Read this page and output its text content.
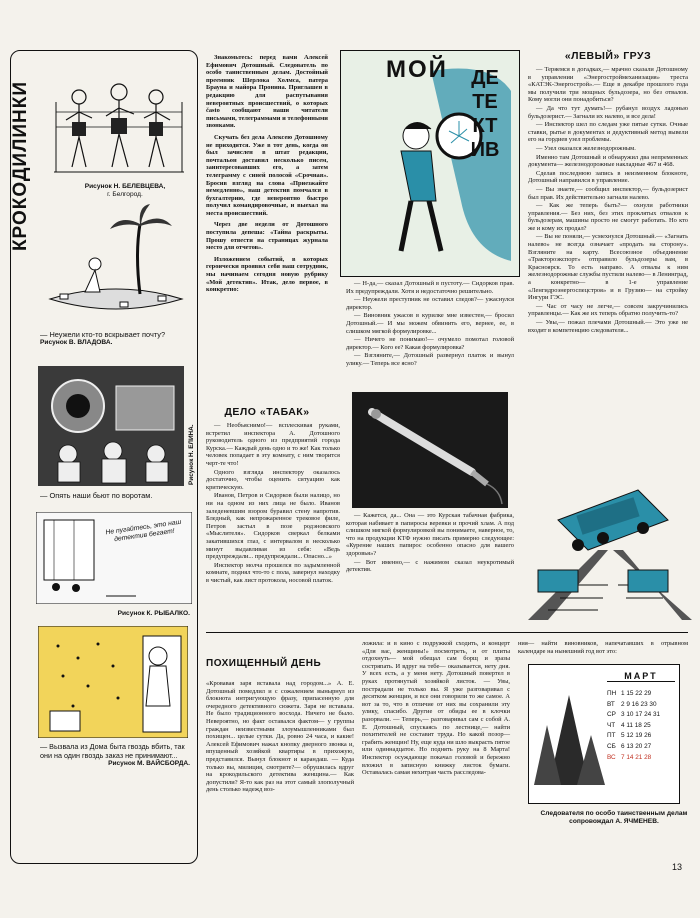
КРОКОДИЛИНКИ	Рисунок Н. БЕЛЕВЦЕВА,
г. Белгород.
— Неужели кто-то вскрывает почту?
Рисунок В. ВЛАДОВА.
Рисунок Н. ЕЛИНА.
— Опять наши бьют по воротам.
Не пугайтесь, это наш детектив бегает!
Рисунок К. РЫБАЛКО.
— Вызвала из Дома быта гвоздь вбить, так они на один гвоздь заказ не принимают...
Рисунок М. ВАЙСБОРДА.

Знакомьтесь: перед вами Алексей Ефимович Дотошный. Следователь по особо таинственным делам. Достойный преемник Шерлока Холмса, патера Брауна и майора Пронина. Приглашен в редакцию для распутывания невероятных происшествий, о которых častо сообщают наши читатели письмами, телеграммами и телефонными звонками.

Скучать без дела Алексею Дотошному не приходится. Уже в тот день, когда он был зачислен в штат редакции, почтальон доставил несколько писем, заинтересовавших его, а затем телеграмму с синей полосой «Срочная». Бросив взгляд на слова «Приезжайте немедленно», наш детектив помчался в бухгалтерию, где невероятно быстро получил командировочные, и выехал на места происшествий.

Через две недели от Дотошного поступила депеша: «Тайна раскрыты. Прошу отвести на страницах журнала место для отчетов».

Изложением событий, в которых героически проявил себя наш сотрудник, мы начинаем сегодня новую рубрику «Мой детектив». Итак, дело первое, в конкретно:

МОЙ ДЕТЕКТИВ
ДЕЛО «ТАБАК»

— Необъяснимо!— всплескивая руками, встретил инспектора А. Дотошного руководитель одного из предприятий города Курска.— Каждый день одно и то же! Как только человек попадает в эту комнату, с ним творится черт-те что!

Одного взгляда инспектору оказалось достаточно, чтобы оценить ситуацию как критическую.

Иванов, Петров и Сидорков были налицо, но ни на одном из них лица не было. Иванов заледеневшим взором буравил стену напротив. Бледный, как непрожаренное трековое филе, Петров застыл в позе родэновского «Мыслителя». Сидорков сверкал белками закатившихся глаз, с интервалом в несколько минут выдавливая из себя: «Ведь предупреждали... предупреждали... Опасно...»

Инспектор молча прошелся по задымленной комнате, поднял что-то с пола, завернул находку в чистый, как лист протокола, носовой платок.

— Н-да,— сказал Дотошный в пустоту.— Сидорков прав. Их предупреждали. Хотя и недостаточно решительно.

— Неужели преступник не оставил следов?— ужаснулся директор.

— Виновник ужасов в курилке мне известен,— бросил Дотошный.— И мы можем обвинить его, вернее, ее, в слишком мягкой формулировке...

— Ничего не понимаю!— очумело помотал головой директор.— Кого ее? Какая формулировка?

— Взгляните,— Дотошный развернул платок и вынул улику.— Теперь все ясно?

— Кажется, да... Она — это Курская табачная фабрика, которая набивает в папиросы веревки и прочий хлам. А под слишком мягкой формулировкой вы понимаете, наверное, то, что на продукции КТФ нужно писать примерно следующее: «Курение наших папирос особенно опасно для вашего здоровья»?

— Вот именно,— с нажимом сказал неукротимый детектив.

«ЛЕВЫЙ» ГРУЗ

— Теряемся в догадках,— мрачно сказали Дотошному в управлении «Энергостроймеханизация» треста «КАТЭК-Энергострой».— Еще в декабре прошлого года мы получили три мощных бульдозера, но без отвалов. Кому могли они понадобиться?

— Да что тут думать!— рубанул воздух ладонью бульдозерист.— Загнали их налево, и все дела!

— Инспектор шел по следам уже пятые сутки. Очные ставки, рытье в документах и дедуктивный метод вывели его на гордиев узел проблемы.

— Узел оказался железнодорожным.

Именно там Дотошный и обнаружил два непременных документа— железнодорожные накладные 467 и 468.

Сделав последнюю запись в неизменном блокноте, Дотошный направился в управление.

— Вы знаете,— сообщил инспектор,— бульдозерист был прав. Их действительно загнали налево.

— Как же теперь быть?— охнули работники управления.— Без них, без этих проклятых отвалов к бульдозерам, машины просто не смогут работать. Но кто же и кому их продал?

— Вы не поняли,— усмехнулся Дотошный.— «Загнать налево» не всегда означает «продать на сторону». Взгляните на карту. Всесоюзное объединение «Трактороэкспорт» отправило бульдозеры вам, в Красноярск. То есть направо. А отвалы к ним железнодорожные службы пустили налево— в Ленинград, а конкретно— в 1-е управление «Ленгидроэнергоспецстроя» и в Грузию— на стройку Ингури ГЭС.

— Час от часу не легче,— совсем закручинились управленцы.— Как же их теперь обратно получить-то?

— Увы,— пожал плечами Дотошный.— Это уже не входит в компетенцию следователя...

ПОХИЩЕННЫЙ ДЕНЬ
«Кровавая заря вставала над городом...» А. Е. Дотошный помедлил и с сожалением вынырнул из блокнота интригующую фразу, припасенную для очередного детективного сюжета. Заря не вставала. Не было традиционного восхода. Ничего не было. Невероятно, но факт оставался фактом— у группы граждан неизвестными злоумышленниками был похищен... целые сутки. Да, ровно 24 часа, и какие! Алексей Ефимович нажал кнопку дверного звонка и, впущенный хозяйкой квартиры в прихожую, представился. Вынул блокнот и карандаш. — Куда только вы, милиция, смотрите?— обрушилась вдруг на крокодильского детектива женщина.— Как допустили? Я-то как раз на этот самый злополучный день столько надежд воз-
ложила: и в кино с подружкой сходить, и концерт «Для вас, женщины!» посмотреть, и от плиты отдохнуть— мой обещал сам борщ и зразы состряпать. И вдруг на тебе— оказывается, нету дня. У всех есть, а у меня нету. Дотошный повертел в руках протянутый хозяйкой листок. — Увы, пострадали не только вы. Я уже разговаривал с десятком женщин, и все они говорили то же самое. А вот за то, что в отличие от них вы сохранили эту улику, спасибо. Другие от обиды ее в клочки разорвали. — Теперь,— разговаривал сам с собой А. Е. Дотошный, спускаясь по лестнице,— найти похитителей не составит труда. Но какой позор— грабить женщин! Ну, еще куда ни шло выкрасть пятое или одиннадцатое. Но поднять руку на 8 Марта! Инспектор осуждающе покачал головой и бережно вложил в записную книжку листок бумаги. Оставалась самая нехитрая часть расследова-
ния— найти виновников, напечатавших в отрывном календаре на нынешний год вот это:
МАРТ
ПН 1 15 22 29
ВТ 2 9 16 23 30
СР 3 10 17 24 31
ЧТ 4 11 18 25
ПТ 5 12 19 26
СБ 6 13 20 27
ВС 7 14 21 28
Следователя по особо таинственным делам сопровождал А. ЯЧМЕНЕВ.
13
